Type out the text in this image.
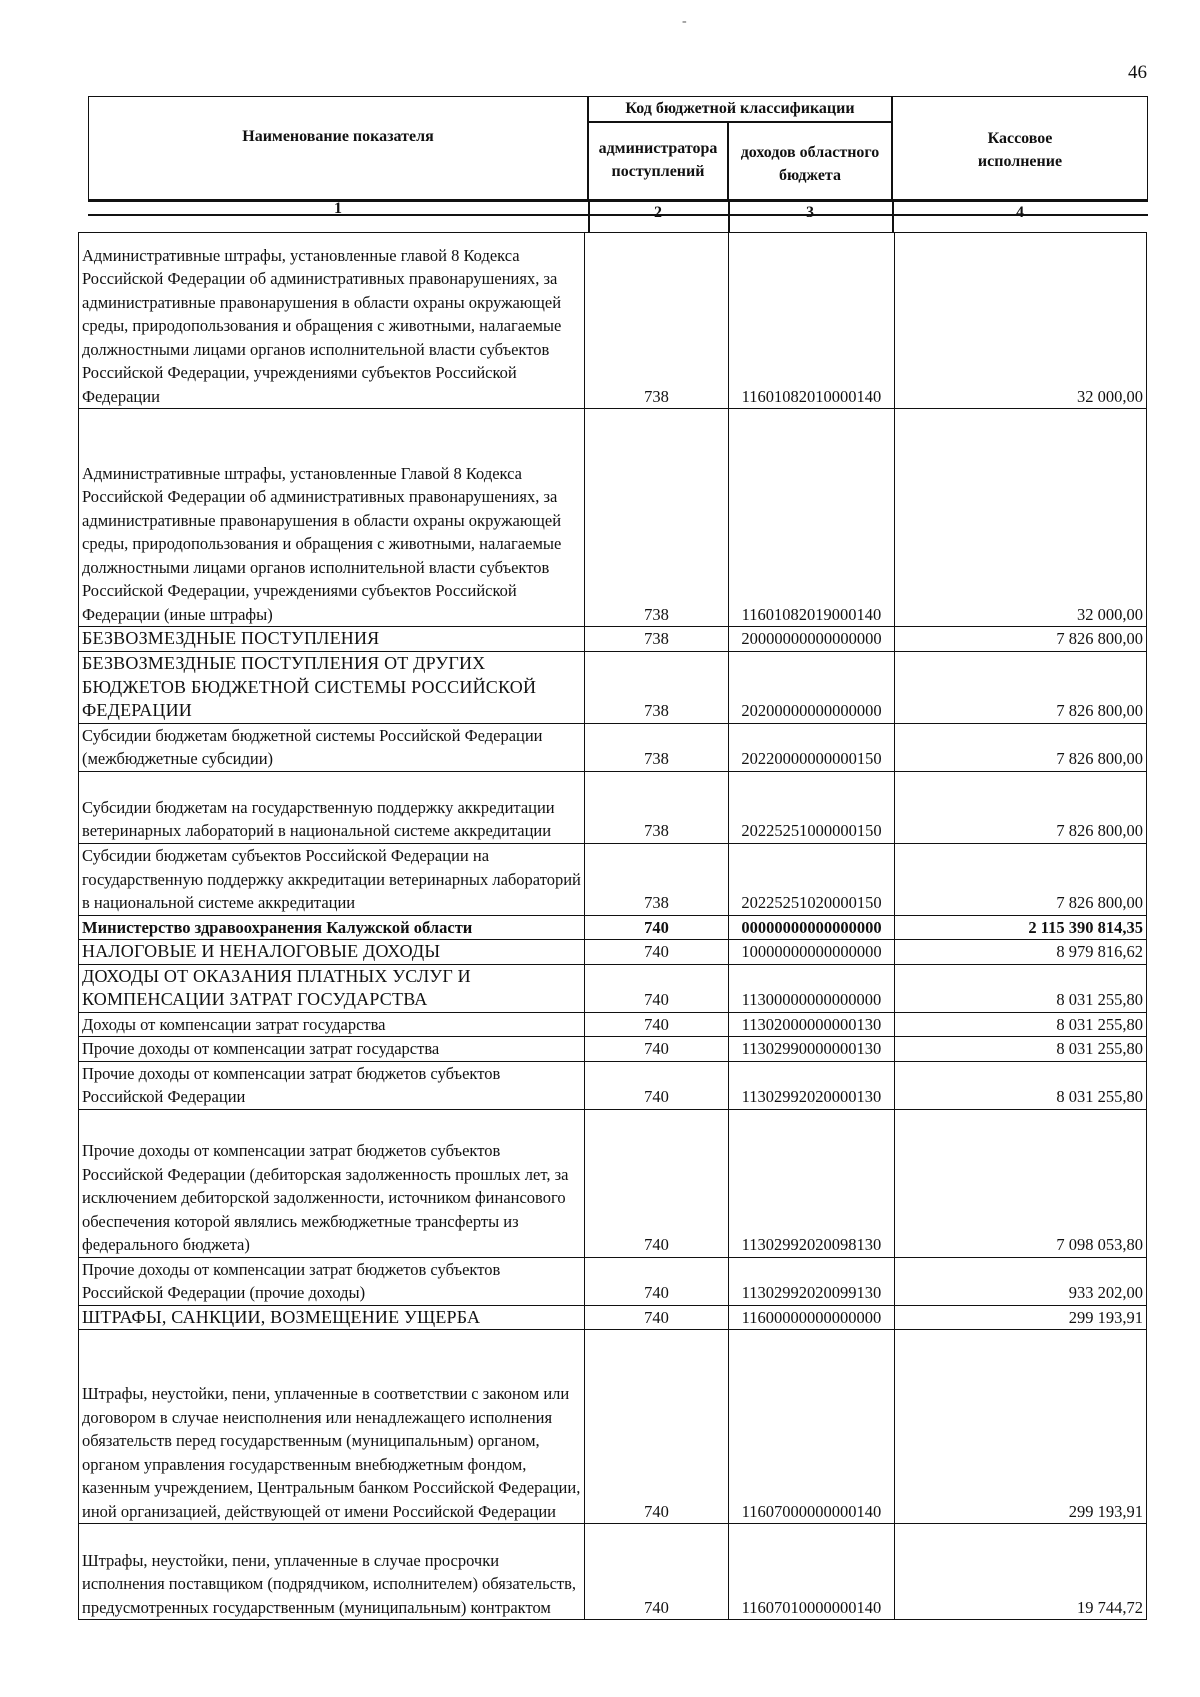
-
46
Наименование показателя
Код бюджетной классификации
администратора поступлений
доходов областного бюджета
Кассовое исполнение
1	2	3	4
Административные штрафы, установленные главой 8 Кодекса Российской Федерации об административных правонарушениях, за административные правонарушения в области охраны окружающей среды, природопользования и обращения с животными, налагаемые должностными лицами органов исполнительной власти субъектов Российской Федерации, учреждениями субъектов Российской Федерации	738	11601082010000140	32 000,00
Административные штрафы, установленные Главой 8 Кодекса Российской Федерации об административных правонарушениях, за административные правонарушения в области охраны окружающей среды, природопользования и обращения с животными, налагаемые должностными лицами органов исполнительной власти субъектов Российской Федерации, учреждениями субъектов Российской Федерации (иные штрафы)	738	11601082019000140	32 000,00
БЕЗВОЗМЕЗДНЫЕ ПОСТУПЛЕНИЯ	738	20000000000000000	7 826 800,00
БЕЗВОЗМЕЗДНЫЕ ПОСТУПЛЕНИЯ ОТ ДРУГИХ БЮДЖЕТОВ БЮДЖЕТНОЙ СИСТЕМЫ РОССИЙСКОЙ ФЕДЕРАЦИИ	738	20200000000000000	7 826 800,00
Субсидии бюджетам бюджетной системы Российской Федерации (межбюджетные субсидии)	738	20220000000000150	7 826 800,00
Субсидии бюджетам на государственную поддержку аккредитации ветеринарных лабораторий в национальной системе аккредитации	738	20225251000000150	7 826 800,00
Субсидии бюджетам субъектов Российской Федерации на государственную поддержку аккредитации ветеринарных лабораторий в национальной системе аккредитации	738	20225251020000150	7 826 800,00
Министерство здравоохранения Калужской области	740	00000000000000000	2 115 390 814,35
НАЛОГОВЫЕ И НЕНАЛОГОВЫЕ ДОХОДЫ	740	10000000000000000	8 979 816,62
ДОХОДЫ ОТ ОКАЗАНИЯ ПЛАТНЫХ УСЛУГ И КОМПЕНСАЦИИ ЗАТРАТ ГОСУДАРСТВА	740	11300000000000000	8 031 255,80
Доходы от компенсации затрат государства	740	11302000000000130	8 031 255,80
Прочие доходы от компенсации затрат государства	740	11302990000000130	8 031 255,80
Прочие доходы от компенсации затрат бюджетов субъектов Российской Федерации	740	11302992020000130	8 031 255,80
Прочие доходы от компенсации затрат бюджетов субъектов Российской Федерации (дебиторская задолженность прошлых лет, за исключением дебиторской задолженности, источником финансового обеспечения которой являлись межбюджетные трансферты из федерального бюджета)	740	11302992020098130	7 098 053,80
Прочие доходы от компенсации затрат бюджетов субъектов Российской Федерации (прочие доходы)	740	11302992020099130	933 202,00
ШТРАФЫ, САНКЦИИ, ВОЗМЕЩЕНИЕ УЩЕРБА	740	11600000000000000	299 193,91
Штрафы, неустойки, пени, уплаченные в соответствии с законом или договором в случае неисполнения или ненадлежащего исполнения обязательств перед государственным (муниципальным) органом, органом управления государственным внебюджетным фондом, казенным учреждением, Центральным банком Российской Федерации, иной организацией, действующей от имени Российской Федерации	740	11607000000000140	299 193,91
Штрафы, неустойки, пени, уплаченные в случае просрочки исполнения поставщиком (подрядчиком, исполнителем) обязательств, предусмотренных государственным (муниципальным) контрактом	740	11607010000000140	19 744,72
